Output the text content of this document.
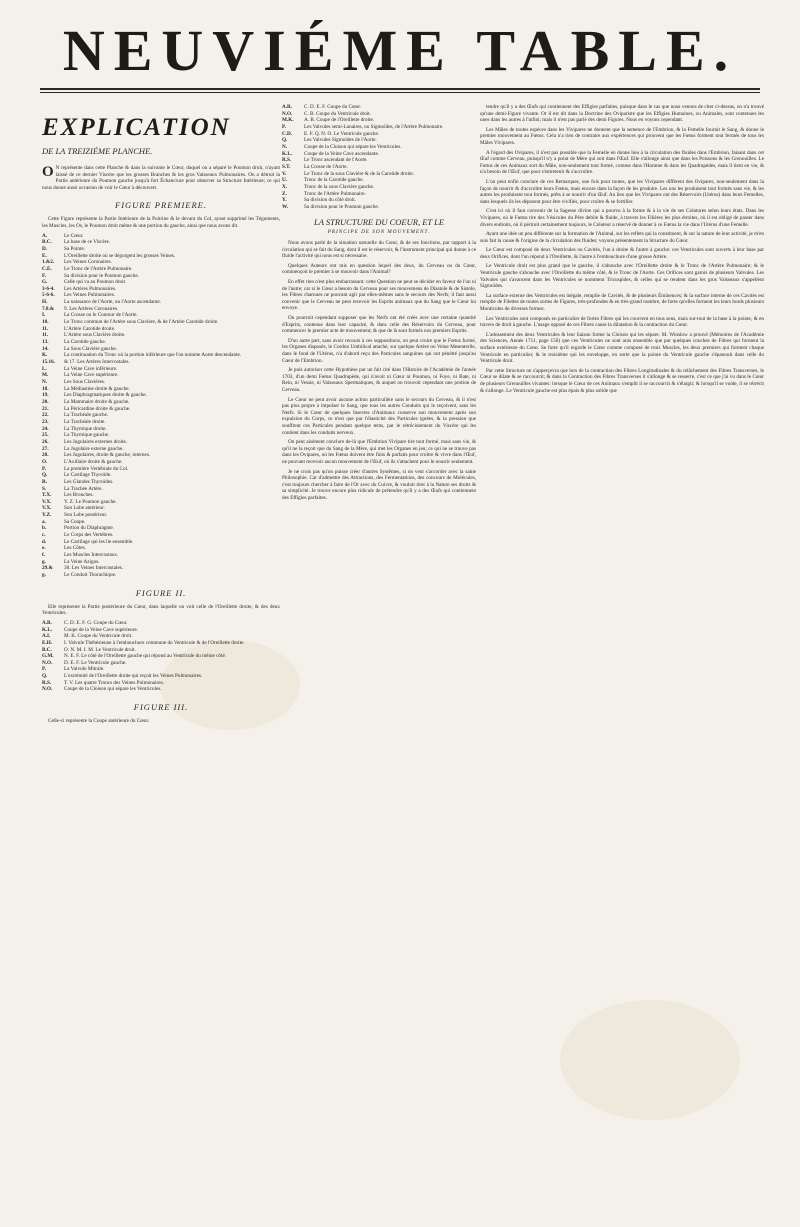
NEUVIÉME TABLE.
EXPLICATION
DE LA TREIZIÉME PLANCHE.
O N représente dans cette Planche & dans la suivante le Cœur, duquel on a séparé le Poumon droit, n'ayant laissé de ce dernier Viscère que les grosses Branches & les gros Vaisseaux Pulmonaires. On a détruit la Partie antérieure du Poumon gauche jusqu'à fort Échancrure pour observer sa Structure Intérieure; ce qui nous donne aussi occasion de voir le Cœur à découvert.
FIGURE PREMIERE.
Cette Figure représente la Partie Intérieure de la Poitrine & le devant du Col, ayant supprimé les Téguments, les Muscles, les Os, le Poumon droit même & une portion du gauche, ainsi que nous avons dit.
A.	Le Cœur.
B.C.	La base de ce Viscère.
D.	Sa Pointe.
E.	L'Oreillette droite où se dégorgent les grosses Veines.
1.&2.	Les Veines Coronaires.
C.E.	Le Tronc de l'Artère Pulmonaire.
F.	Sa division pour le Poumon gauche.
G.	Celle qui va au Poumon droit.
3-6-4.	Les Artères Pulmonaires.
5-6-6.	Les Veines Pulmonaires.
H.	La naissance de l'Aorte, ou l'Aorte ascendante.
7.8.&	9. Les Artères Coronaires.
I.	La Crosse ou le Contour de l'Aorte.
10.	Le Tronc commun de l'Artère sous Clavière, & de l'Artère Carotide droite.
11.	L'Artère Carotide droite.
11.	L'Artère sous Clavière droite.
13.	La Carotide gauche.
14.	La Sous Clavière gauche.
K.	La continuation du Tronc où la portion inférieure que l'on nomme Aorte descendante.
15.16.	& 17. Les Artères Intercostales.
L.	La Veine Cave inférieure.
M.	La Veine Cave supérieure.
N.	Les Sous Clavières.
18.	La Médiastine droite & gauche.
19.	Les Diaphragmatiques droite & gauche.
20.	La Mammaire droite & gauche.
21.	La Péricardine droite & gauche.
22.	La Trachéale gauche.
23.	La Trachéale droite.
24.	La Thymique droite.
25.	La Thymique gauche.
26.	Les Jugulaires externes droite.
27.	La Jugulaire externe gauche.
28.	Les Jugulaires, droite & gauche, internes.
O.	L'Axillaire droite & gauche.
P.	La première Vertébrale du Col.
Q.	Le Cartilage Thyroïde.
R.	Les Glandes Thyroïdes.
S.	La Trachée Artère.
T.X.	Les Bronches.
V.X.	Y. Z. Le Poumon gauche.
V.X.	Son Lobe antérieur.
Y.Z.	Son Lobe postérieur.
a.	Sa Coupe.
b.	Portion du Diaphragme.
c.	Le Corps des Vertèbres.
d.	Le Cartilage qui les lie ensemble.
e.	Les Côtes.
f.	Les Muscles Intercostaux.
g.	La Veine Azigos.
29.&	30. Les Veines Intercostales.
g.	Le Conduit Thorachique.
FIGURE II.
Elle représente la Partie postérieure du Cœur, dans laquelle on voit celle de l'Oreillette droite, & des deux Ventricules.
A.B.	C. D. E. F. G. Coupe du Cœur.
K.L.	Coupe de la Veine Cave supérieure.
A.I.	M. K. Coupe du Ventricule droit.
E.H.	I. Valvule Thébésienne à l'embouchure commune du Ventricule & de l'Oreillette droite.
B.C.	O. N. M. I. M. Le Ventricule droit.
G.M.	N. E. F. Le côté de l'Oreillette gauche qui répond au Ventricule du même côté.
N.O.	D. E. F. Le Ventricule gauche.
P.	La Valvule Mitrale.
Q.	L'extrémité de l'Oreillette droite qui reçoit les Veines Pulmonaires.
R.S.	T. V. Les quatre Troncs des Veines Pulmonaires.
N.O.	Coupe de la Cloison qui sépare les Ventricules.
FIGURE III.
Celle-ci représente la Coupe antérieure du Cœur.
A.R.	C. D. E. F. Coupe du Cœur.
N.O.	C. B. Coupe du Ventricule droit.
M.K.	A. B. Coupe de l'Oreillette droite.
P.	Les Valvules semi-Lunaires, ou Sigmoïdes, de l'Artère Pulmonaire.
C.D.	E. F. Q. N. O. Le Ventricule gauche.
Q.	Les Valvules Sigmoïdes de l'Aorte.
N.	Coupe de la Cloison qui sépare les Ventricules.
K.L.	Coupe de la Veine Cave ascendante.
R.S.	Le Tronc ascendant de l'Aorte.
S.T.	La Crosse de l'Aorte.
V.	Le Tronc de la sous Clavière & de la Carotide droite.
U.	Tronc de la Carotide gauche.
X.	Tronc de la sous Clavière gauche.
Z.	Tronc de l'Artère Pulmonaire.
Y.	Sa division du côté droit.
W.	Sa division pour le Poumon gauche.
LA STRUCTURE DU COEUR, ET LE
PRINCIPE DE SON MOUVEMENT.
Nous avons parlé de la situation naturelle du Cœur, & de ses fonctions, par rapport à la circulation qui se fait du Sang, dont il est le réservoir, & l'instrument principal qui donne à ce fluide l'activité qui nous est si nécessaire.
Quelques Auteurs ont mis en question lequel des deux, du Cerveau ou du Cœur, commençoit le premier à se mouvoir dans l'Animal?
En effet rien n'est plus embarrassant: cette Question ne peut se décider en faveur de l'un ni de l'autre; car si le Cœur a besoin du Cerveau pour ses mouvemens de Diastole & de Sistole, les Fibres charnues ne pouvant agir par elles-mêmes sans le secours des Nerfs; il faut aussi convenir que le Cerveau ne peut recevoir les Esprits animaux que du Sang que le Cœur lui envoye.
On pourroit cependant supposer que les Nerfs ont été créés avec une certaine quantité d'Esprits, contenue dans leur capacité, & dans celle des Réservoirs du Cerveau, pour commencer le premier acte de mouvement; & que de là sont formés nos premiers Esprits.
D'un autre part, sans avoir recours à ces suppositions, on peut croire que le Fœtus formé, les Organes disposés, le Cordon Umbilical attaché, sur quelque Artère ou Veine Mesenterile, dans le fond de l'Utérus, n'a d'abord reçu des Particules sanguines qui ont pénétré jusqu'au Cœur de l'Embrion.
Je puis autoriser cette Hypothèse par un fait cité dans l'Histoire de l'Académie de l'année 1703, d'un demi Fœtus Quadrupède, qui n'avoit ni Cœur ni Poumon, ni Foye, ni Rate, ni Rein, ni Vessie, ni Vaisseaux Spermatiques, & auquel on trouvoit cependant une portion de Cerveau.
Le Cœur ne peut avoir aucune action particulière sans le secours du Cerveau, & il n'est pas plus propre à impulser le Sang, que tous les autres Conduits qui le reçoivent, sans les Nerfs. Si le Cœur de quelques Insectes d'Animaux conserve son mouvement après son expulsion du Corps, ce n'est que par l'élasticité des Particules ignées, & la pression que souffrent ces Particules pendant quelque tems, par le rétrécissement du Viscère qui les contient dans les conduits nerveux.
On peut aisément conclure de-là que l'Embrion Vivipare tire tout formé, mais sans vie, & qu'il ne la reçoit que du Sang de la Mère, qui met les Organes en jeu; ce qui ne se trouve pas dans les Ovipares, où les Fœtus doivent être finis & parfaits pour croître & vivre dans l'Œuf, ne pouvant recevoir aucun mouvement de l'Œuf, où ils s'attachent pour le nourrir seulement.
Je ne crois pas qu'on puisse créer d'autres Systêmes, si on veut s'accorder avec la saine Philosophie. Car d'admettre des Attractions, des Fermentations, des concours de Molécules, c'est toujours chercher à faire de l'Or avec du Cuivre, & vouloir tirer à la Nature ses droits & sa simplicité. Je trouve encore plus ridicule de prétendre qu'il y a des Œufs qui contiennent des Effigies parfaites.
tendre qu'il y a des Œufs qui contiennent des Effigies parfaites, puisque dans le cas que nous venons de citer ci-dessus, on n'a trouvé qu'une demi-Figure vivante. Or il est dit dans la Doctrine des Ovipariste que les Effigies Humaines, ou Animales, sont contenues les unes dans les autres à l'infini; mais il n'est pas parlé des demi Figures. Nous en voyons cependant.
Les Mâles de toutes espèces dans les Vivipares ne donnent que la semence de l'Embrion, & la Femelle fournit le Sang, & donne le premier mouvement au Fœtus. Cela n'a rien de contraire aux expériences qui prouvent que les Fœtus forment tout fermés de tous les Mâles Vivipares.
A l'égard des Ovipares, il n'est pas possible que la Femelle en donne lieu à la circulation des fluides dans l'Embrion, faisant dans cet Œuf comme Cerveau, puisqu'il n'y a point de Mère qui soit dans l'Œuf. Elle s'allonge ainsi que dans les Poissons & les Grenouilles. Le Fœtus de ces Animaux sort du Mâle, non-seulement tout formé, comme dans l'Homme & dans les Quadrupèdes, mais il tient en vie, & n'a besoin de l'Œuf, que pour s'entretenir & s'accroître.
L'on peut enfin conclure de ces Remarques, une fois pour toutes, que les Vivipares diffèrent des Ovipares, non-seulement dans la façon de nourrir & d'accroître leurs Fœtus, mais encore dans la façon de les produire. Les uns les produisent tout formés sans vie, & les autres les produisent tout formés, prêts à se nourrir d'un Œuf. Au lieu que les Vivipares ont des Réservoirs (Utérus) dans leurs Femelles, dans lesquels ils les déposent pour être vivifiés, pour croître & se fortifier.
C'est ici où il faut convenir de la Sagesse divine qui a pourvu à la forme & à la vie de ses Créatures selon leurs états. Dans les Vivipares, où le Fœtus tire des Vésicules du Père debile & fluide, à travers les Filières les plus étroites, où il est obligé de passer dans divers endroits, où il périroit certainement toujours, le Créateur a réservé de donner à ce Fœtus la vie dans l'Utérus d'une Femelle.
Ayant une idée un peu différente sur la formation de l'Animal, sur les reflets qui la constituent, & sur la nature de leur activité, je m'en suis fait la cause & l'origine de la circulation des fluides; voyons présentement la Structure du Cœur.
Le Cœur est composé de deux Ventricules ou Cavités, l'un à droite & l'autre à gauche: ces Ventricules sont ouverts à leur base par deux Orifices, dont l'un répond à l'Oreillette, & l'autre à l'embouchure d'une grosse Artère.
Le Ventricule droit est plus grand que le gauche, il s'abouche avec l'Oreillette droite & le Tronc de l'Artère Pulmonaire; & le Ventricule gauche s'abouche avec l'Oreillette du même côté, & le Tronc de l'Aorte. Ces Orifices sont garnis de plusieurs Valvules. Les Valvules qui s'avancent dans les Ventricules se nomment Tricuspides, & celles qui se rendent dans les gros Vaisseaux s'appellent Sigmoïdes.
La surface externe des Ventricules est inégale, remplie de Cavités, & de plusieurs Éminences; & la surface interne de ces Cavités est remplie de Filettes de toutes sortes de Figures, très-profondes & en très-grand nombre, de forte qu'elles forment les leurs bords plusieurs Monticules de diverses formes.
Les Ventricules sont composés en particulier de fortes Fibres qui les couvrent en tous sens, mais sur-tout de la base à la pointe, & en travers de droit à gauche. L'usage opposé de ces Fibres cause la dilatation & la contraction du Cœur.
L'adossement des deux Ventricules & leur liaison forme la Cloison qui les sépare. M. Winslow a prouvé (Mémoires de l'Académie des Sciences, Année 1711, page 150) que ces Ventricules ne sont unis ensemble que par quelques couches de Fibres qui forment la surface extérieure du Cœur. Se forte qu'il regarde le Cœur comme composé de trois Muscles, les deux premiers qui forment chaque Ventricule en particulier, & le troisième qui les enveloppe, en sorte que la pointe du Ventricule gauche s'épanouit dans celle du Ventricule droit.
Par cette Structure on s'apperçevra que lors de la contraction des Fibres Longitudinales & du relâchement des Fibres Transverses, le Cœur se dilate & se raccourcit; & dans la Contraction des Fibres Transverses il s'allonge & se resserre, c'est ce que j'ai vu dans le Cœur de plusieurs Grenouilles vivantes: lorsque le Cœur de ces Animaux s'emplit il se raccourcit & s'élargit; & lorsqu'il se vuide, il se rétrécit & s'allonge. Le Ventricule gauche est plus épais & plus solide que
